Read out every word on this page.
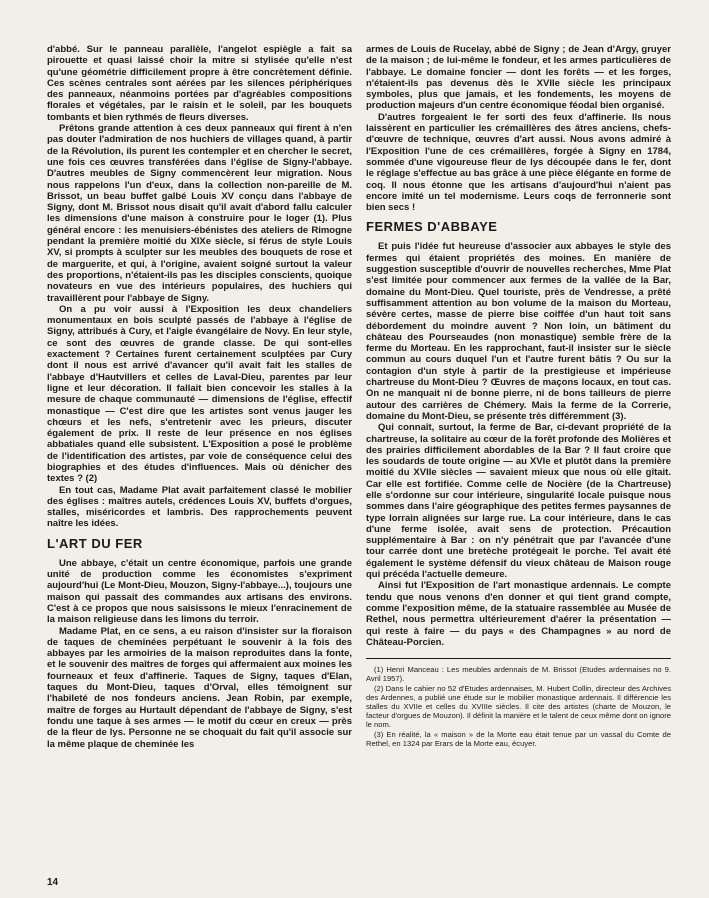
d'abbé. Sur le panneau parallèle, l'angelot espiègle a fait sa pirouette et quasi laissé choir la mitre si stylisée qu'elle n'est qu'une géométrie difficilement propre à être concrètement définie. Ces scènes centrales sont aérées par les silences périphériques des panneaux, néanmoins portées par d'agréables compositions florales et végétales, par le raisin et le soleil, par les bouquets tombants et bien rythmés de fleurs diverses.

Prêtons grande attention à ces deux panneaux qui firent à n'en pas douter l'admiration de nos huchiers de villages quand, à partir de la Révolution, ils purent les contempler et en chercher le secret, une fois ces œuvres transférées dans l'église de Signy-l'abbaye. D'autres meubles de Signy commencèrent leur migration. Nous nous rappelons l'un d'eux, dans la collection non-pareille de M. Brissot, un beau buffet galbé Louis XV conçu dans l'abbaye de Signy, dont M. Brissot nous disait qu'il avait d'abord fallu calculer les dimensions d'une maison à construire pour le loger (1). Plus général encore : les menuisiers-ébénistes des ateliers de Rimogne pendant la première moitié du XIXe siècle, si férus de style Louis XV, si prompts à sculpter sur les meubles des bouquets de rose et de marguerite, et qui, à l'origine, avaient soigné surtout la valeur des proportions, n'étaient-ils pas les disciples conscients, quoique novateurs en vue des intérieurs populaires, des huchiers qui travaillèrent pour l'abbaye de Signy.

On a pu voir aussi à l'Exposition les deux chandeliers monumentaux en bois sculpté passés de l'abbaye à l'église de Signy, attribués à Cury, et l'aigle évangélaire de Novy. En leur style, ce sont des œuvres de grande classe. De qui sont-elles exactement ? Certaines furent certainement sculptées par Cury dont il nous est arrivé d'avancer qu'il avait fait les stalles de l'abbaye d'Hautvillers et celles de Laval-Dieu, parentes par leur ligne et leur décoration. Il fallait bien concevoir les stalles à la mesure de chaque communauté — dimensions de l'église, effectif monastique — C'est dire que les artistes sont venus jauger les chœurs et les nefs, s'entretenir avec les prieurs, discuter également de prix. Il reste de leur présence en nos églises abbatiales quand elle subsistent. L'Exposition a posé le problème de l'identification des artistes, par voie de conséquence celui des biographies et des études d'influences. Mais où dénicher des textes ? (2)

En tout cas, Madame Plat avait parfaitement classé le mobilier des églises : maîtres autels, crédences Louis XV, buffets d'orgues, stalles, miséricordes et lambris. Des rapprochements peuvent naître les idées.

L'ART DU FER

Une abbaye, c'était un centre économique, parfois une grande unité de production comme les économistes s'expriment aujourd'hui (Le Mont-Dieu, Mouzon, Signy-l'abbaye...), toujours une maison qui passait des commandes aux artisans des environs. C'est à ce propos que nous saisissons le mieux l'enracinement de la maison religieuse dans les limons du terroir.

Madame Plat, en ce sens, a eu raison d'insister sur la floraison de taques de cheminées perpétuant le souvenir à la fois des abbayes par les armoiries de la maison reproduites dans la fonte, et le souvenir des maîtres de forges qui affermaient aux moines les fourneaux et feux d'affinerie. Taques de Signy, taques d'Elan, taques du Mont-Dieu, taques d'Orval, elles témoignent sur l'habileté de nos fondeurs anciens. Jean Robin, par exemple, maître de forges au Hurtault dépendant de l'abbaye de Signy, s'est fondu une taque à ses armes — le motif du cœur en creux — près de la fleur de lys. Personne ne se choquait du fait qu'il associe sur la même plaque de cheminée les

armes de Louis de Rucelay, abbé de Signy ; de Jean d'Argy, gruyer de la maison ; de lui-même le fondeur, et les armes particulières de l'abbaye. Le domaine foncier — dont les forêts — et les forges, n'étaient-ils pas devenus dès le XVIIe siècle les principaux symboles, plus que jamais, et les fondements, les moyens de production majeurs d'un centre économique féodal bien organisé.

D'autres forgeaient le fer sorti des feux d'affinerie. Ils nous laissèrent en particulier les crémaillères des âtres anciens, chefs-d'œuvre de technique, œuvres d'art aussi. Nous avons admiré à l'Exposition l'une de ces crémaillères, forgée à Signy en 1784, sommée d'une vigoureuse fleur de lys découpée dans le fer, dont le réglage s'effectue au bas grâce à une pièce élégante en forme de coq. Il nous étonne que les artisans d'aujourd'hui n'aient pas encore imité un tel modernisme. Leurs coqs de ferronnerie sont bien secs !

FERMES D'ABBAYE

Et puis l'idée fut heureuse d'associer aux abbayes le style des fermes qui étaient propriétés des moines. En manière de suggestion susceptible d'ouvrir de nouvelles recherches, Mme Plat s'est limitée pour commencer aux fermes de la vallée de la Bar, domaine du Mont-Dieu. Quel touriste, près de Vendresse, a prêté suffisamment attention au bon volume de la maison du Morteau, sévère certes, masse de pierre bise coiffée d'un haut toit sans débordement du moindre auvent ? Non loin, un bâtiment du château des Pourseaudes (non monastique) semble frère de la ferme du Morteau. En les rapprochant, faut-il insister sur le siècle commun au cours duquel l'un et l'autre furent bâtis ? Ou sur la contagion d'un style à partir de la prestigieuse et impérieuse chartreuse du Mont-Dieu ? Œuvres de maçons locaux, en tout cas. On ne manquait ni de bonne pierre, ni de bons tailleurs de pierre autour des carrières de Chémery. Mais la ferme de la Correrie, domaine du Mont-Dieu, se présente très différemment (3).

Qui connaît, surtout, la ferme de Bar, ci-devant propriété de la chartreuse, la solitaire au cœur de la forêt profonde des Molières et des prairies difficilement abordables de la Bar ? Il faut croire que les soudards de toute origine — au XVIe et plutôt dans la première moitié du XVIIe siècles — savaient mieux que nous où elle gîtait. Car elle est fortifiée. Comme celle de Nocière (de la Chartreuse) elle s'ordonne sur cour intérieure, singularité locale puisque nous sommes dans l'aire géographique des petites fermes paysannes de type lorrain alignées sur large rue. La cour intérieure, dans le cas d'une ferme isolée, avait sens de protection. Précaution supplémentaire à Bar : on n'y pénétrait que par l'avancée d'une tour carrée dont une bretèche protégeait le porche. Tel avait été également le système défensif du vieux château de Maison rouge qui précéda l'actuelle demeure.

Ainsi fut l'Exposition de l'art monastique ardennais. Le compte tendu que nous venons d'en donner et qui tient grand compte, comme l'exposition même, de la statuaire rassemblée au Musée de Rethel, nous permettra ultérieurement d'aérer la présentation — qui reste à faire — du pays « des Champagnes » au nord de Château-Porcien.

(1) Henri Manceau : Les meubles ardennais de M. Brissot (Etudes ardennaises no 9. Avril 1957).

(2) Dans le cahier no 52 d'Etudes ardennaises, M. Hubert Collin, directeur des Archives des Ardennes, a publié une étude sur le mobilier monastique ardennais. Il différencie les stalles du XVIIe et celles du XVIIIe siècles. Il cite des artistes (charte de Mouzon, le facteur d'orgues de Mouzon). Il définit la manière et le talent de ceux même dont on ignore le nom.

(3) En réalité, la « maison » de la Morte eau était tenue par un vassal du Comte de Rethel, en 1324 par Erars de la Morte eau, écuyer.

14
